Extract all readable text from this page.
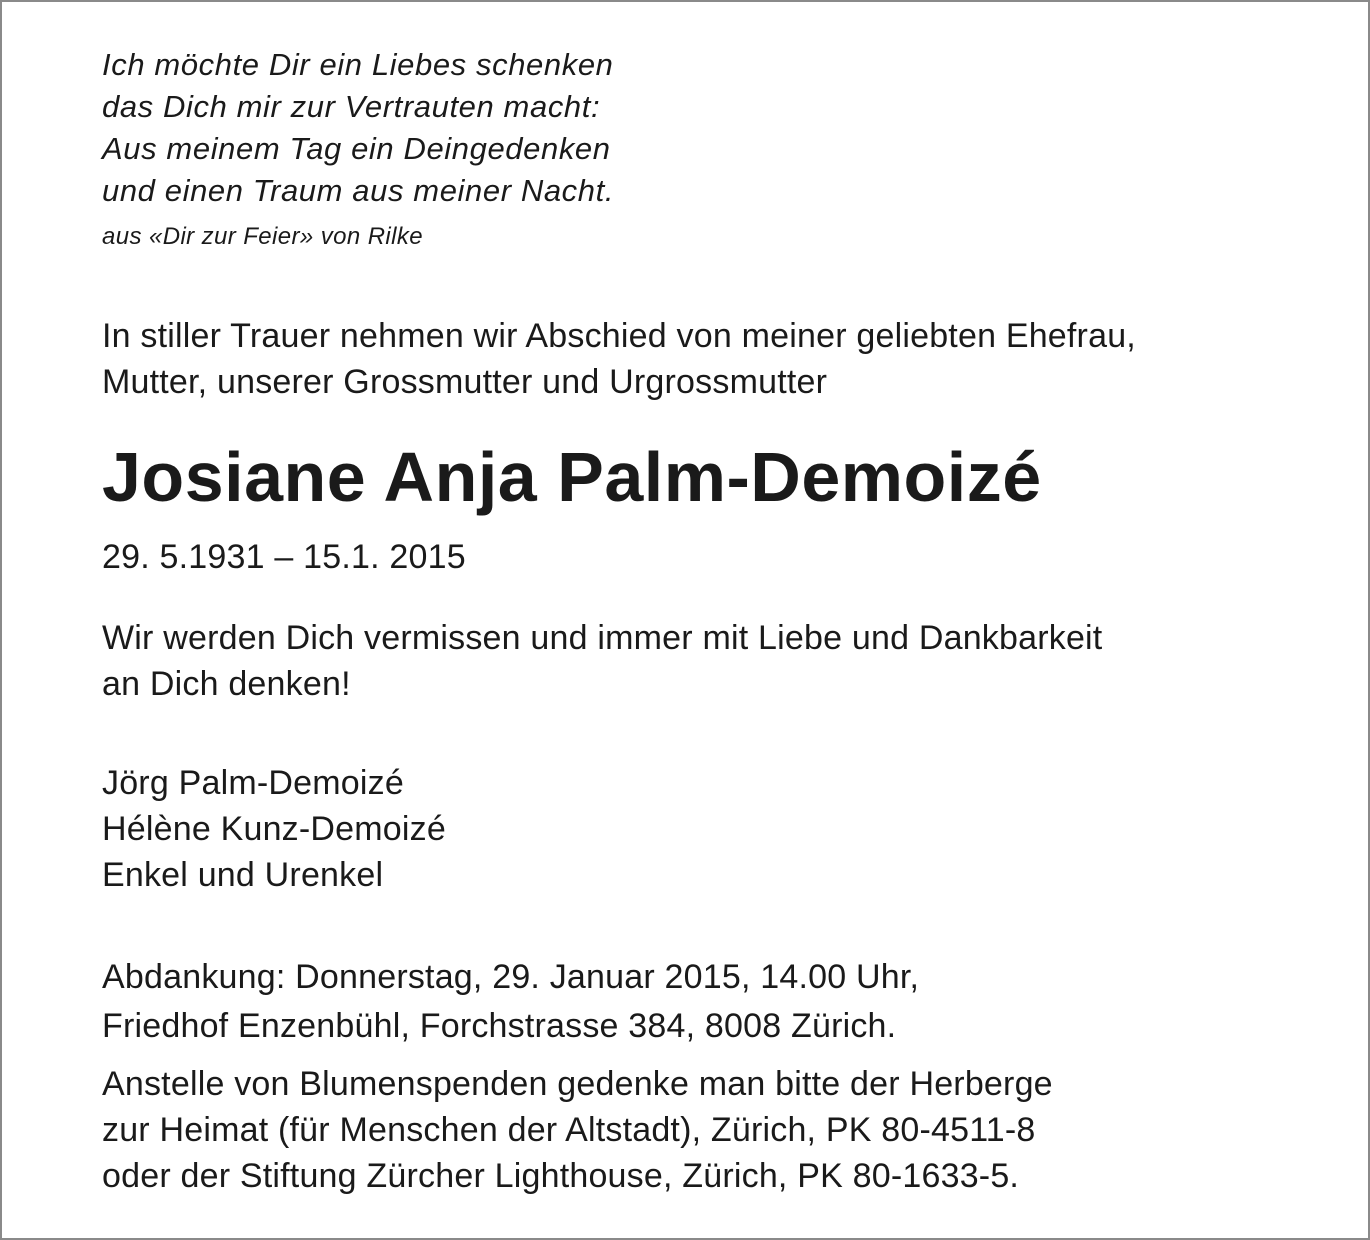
Ich möchte Dir ein Liebes schenken
das Dich mir zur Vertrauten macht:
Aus meinem Tag ein Deingedenken
und einen Traum aus meiner Nacht.
aus «Dir zur Feier» von Rilke
In stiller Trauer nehmen wir Abschied von meiner geliebten Ehefrau,
Mutter, unserer Grossmutter und Urgrossmutter
Josiane Anja Palm-Demoizé
29. 5.1931 – 15.1. 2015
Wir werden Dich vermissen und immer mit Liebe und Dankbarkeit
an Dich denken!
Jörg Palm-Demoizé
Hélène Kunz-Demoizé
Enkel und Urenkel
Abdankung: Donnerstag, 29. Januar 2015, 14.00 Uhr,
Friedhof Enzenbühl, Forchstrasse 384, 8008 Zürich.
Anstelle von Blumenspenden gedenke man bitte der Herberge
zur Heimat (für Menschen der Altstadt), Zürich, PK 80-4511-8
oder der Stiftung Zürcher Lighthouse, Zürich, PK 80-1633-5.
